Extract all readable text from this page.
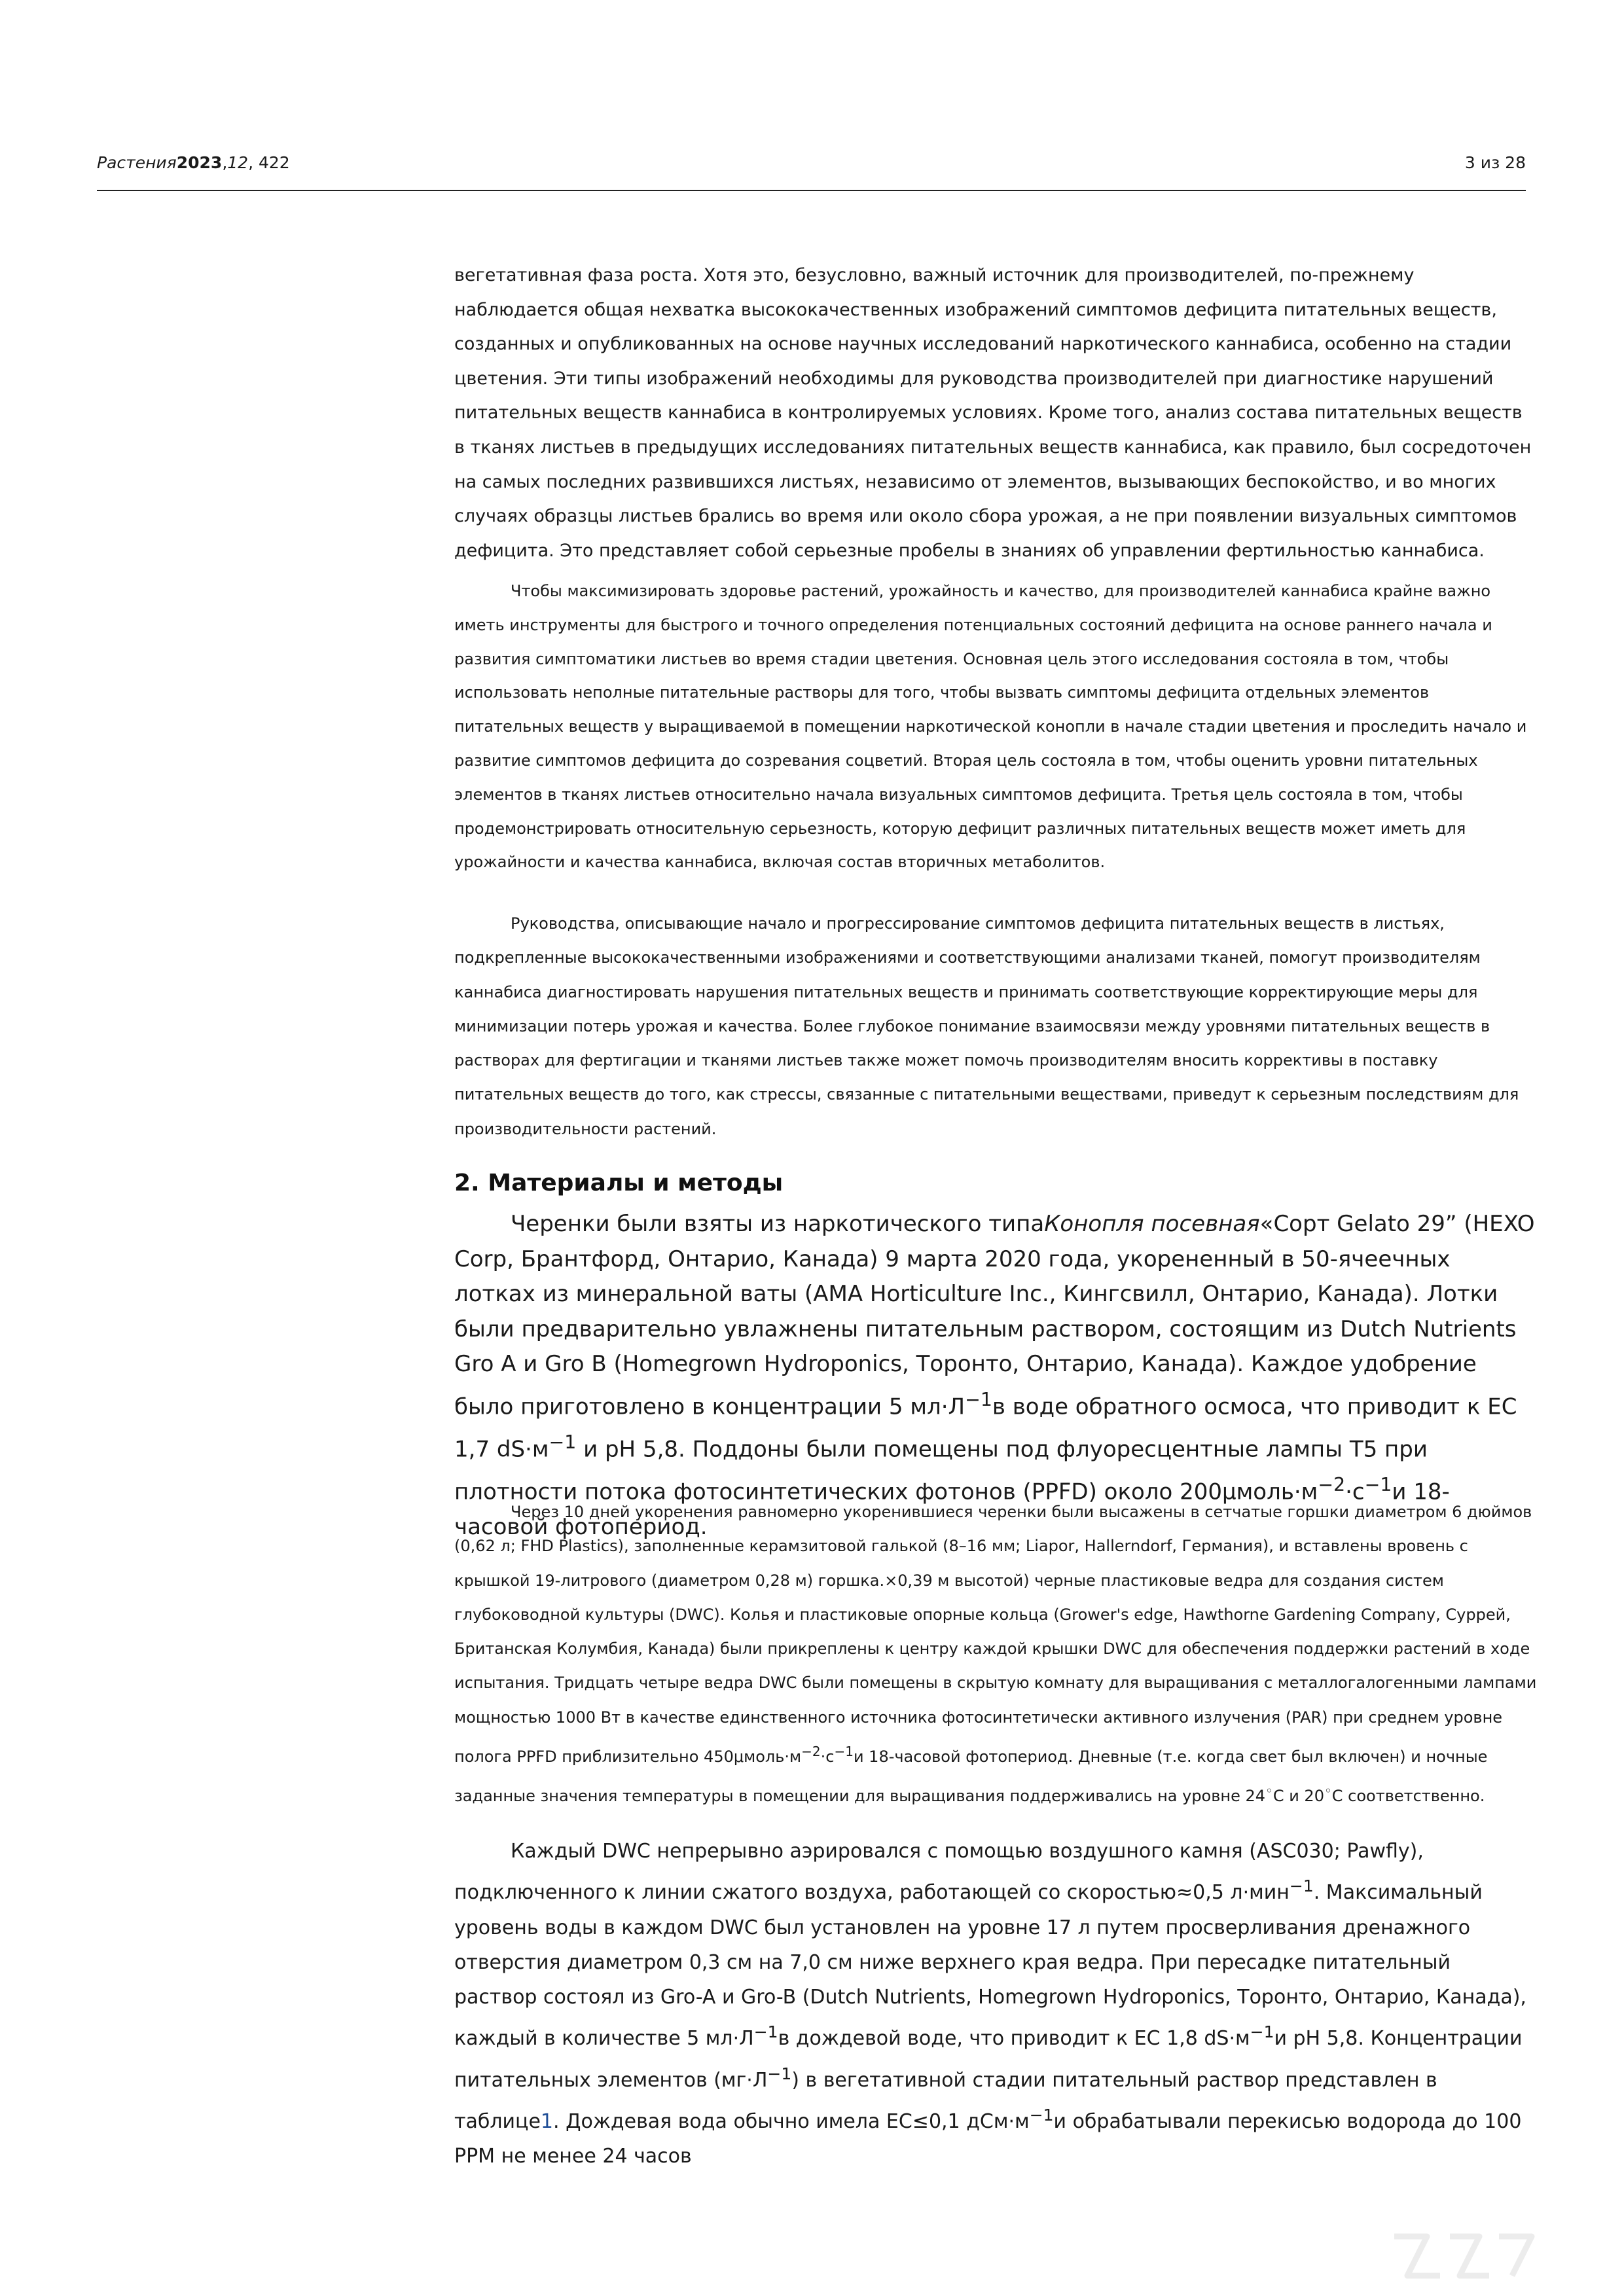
Растения2023,12, 422	3 из 28

вегетативная фаза роста. Хотя это, безусловно, важный источник для производителей, по-прежнему наблюдается общая нехватка высококачественных изображений симптомов дефицита питательных веществ, созданных и опубликованных на основе научных исследований наркотического каннабиса, особенно на стадии цветения. Эти типы изображений необходимы для руководства производителей при диагностике нарушений питательных веществ каннабиса в контролируемых условиях. Кроме того, анализ состава питательных веществ в тканях листьев в предыдущих исследованиях питательных веществ каннабиса, как правило, был сосредоточен на самых последних развившихся листьях, независимо от элементов, вызывающих беспокойство, и во многих случаях образцы листьев брались во время или около сбора урожая, а не при появлении визуальных симптомов дефицита. Это представляет собой серьезные пробелы в знаниях об управлении фертильностью каннабиса.

Чтобы максимизировать здоровье растений, урожайность и качество, для производителей каннабиса крайне важно иметь инструменты для быстрого и точного определения потенциальных состояний дефицита на основе раннего начала и развития симптоматики листьев во время стадии цветения. Основная цель этого исследования состояла в том, чтобы использовать неполные питательные растворы для того, чтобы вызвать симптомы дефицита отдельных элементов питательных веществ у выращиваемой в помещении наркотической конопли в начале стадии цветения и проследить начало и развитие симптомов дефицита до созревания соцветий. Вторая цель состояла в том, чтобы оценить уровни питательных элементов в тканях листьев относительно начала визуальных симптомов дефицита. Третья цель состояла в том, чтобы продемонстрировать относительную серьезность, которую дефицит различных питательных веществ может иметь для урожайности и качества каннабиса, включая состав вторичных метаболитов.

Руководства, описывающие начало и прогрессирование симптомов дефицита питательных веществ в листьях, подкрепленные высококачественными изображениями и соответствующими анализами тканей, помогут производителям каннабиса диагностировать нарушения питательных веществ и принимать соответствующие корректирующие меры для минимизации потерь урожая и качества. Более глубокое понимание взаимосвязи между уровнями питательных веществ в растворах для фертигации и тканями листьев также может помочь производителям вносить коррективы в поставку питательных веществ до того, как стрессы, связанные с питательными веществами, приведут к серьезным последствиям для производительности растений.

2. Материалы и методы

Черенки были взяты из наркотического типаКонопля посевная«Сорт Gelato 29” (HEXO Corp, Брантфорд, Онтарио, Канада) 9 марта 2020 года, укорененный в 50-ячеечных лотках из минеральной ваты (AMA Horticulture Inc., Кингсвилл, Онтарио, Канада). Лотки были предварительно увлажнены питательным раствором, состоящим из Dutch Nutrients Gro A и Gro B (Homegrown Hydroponics, Торонто, Онтарио, Канада). Каждое удобрение было приготовлено в концентрации 5 $мл\cdot Л^{-1}в$ воде обратного осмоса, что приводит к EC 1,7 $dS\cdot м^{-1}$ и pH 5,8. Поддоны были помещены под флуоресцентные лампы T5 при плотности потока фотосинтетических фотонов (PPFD) около $200\mu моль\cdot м^{-2}\cdot с^{-1}и$ 18-часовой фотопериод.

Через 10 дней укоренения равномерно укоренившиеся черенки были высажены в сетчатые горшки диаметром 6 дюймов (0,62 л; FHD Plastics), заполненные керамзитовой галькой (8–16 мм; Liapor, Hallerndorf, Германия), и вставлены вровень с крышкой 19-литрового (диаметром 0,28 м) горшка.×0,39 м высотой) черные пластиковые ведра для создания систем глубоководной культуры (DWC). Колья и пластиковые опорные кольца (Grower's edge, Hawthorne Gardening Company, Суррей, Британская Колумбия, Канада) были прикреплены к центру каждой крышки DWC для обеспечения поддержки растений в ходе испытания. Тридцать четыре ведра DWC были помещены в скрытую комнату для выращивания с металлогалогенными лампами мощностью 1000 Вт в качестве единственного источника фотосинтетически активного излучения (PAR) при среднем уровне полога PPFD приблизительно $450\mu моль\cdot м^{-2}\cdot с^{-1}и$ 18-часовой фотопериод. Дневные (т.е. когда свет был включен) и ночные заданные значения температуры в помещении для выращивания поддерживались на уровне 24◦C и 20◦C соответственно.

Каждый DWC непрерывно аэрировался с помощью воздушного камня (ASC030; Pawfly), подключенного к линии сжатого воздуха, работающей со скоростью≈0,5 л·мин$^{-1}$. Максимальный уровень воды в каждом DWC был установлен на уровне 17 л путем просверливания дренажного отверстия диаметром 0,3 см на 7,0 см ниже верхнего края ведра. При пересадке питательный раствор состоял из Gro-A и Gro-B (Dutch Nutrients, Homegrown Hydroponics, Торонто, Онтарио, Канада), каждый в количестве 5 $мл\cdot Л^{-1}в$ дождевой воде, что приводит к EC 1,8 $dS\cdot м^{-1}и$ pH 5,8. Концентрации питательных элементов $(мг\cdot Л^{-1})$ в вегетативной стадии питательный раствор представлен в таблице1. Дождевая вода обычно имела EC≤0,1 $дСм\cdot м^{-1}и$ обрабатывали перекисью водорода до 100 PPM не менее 24 часов
